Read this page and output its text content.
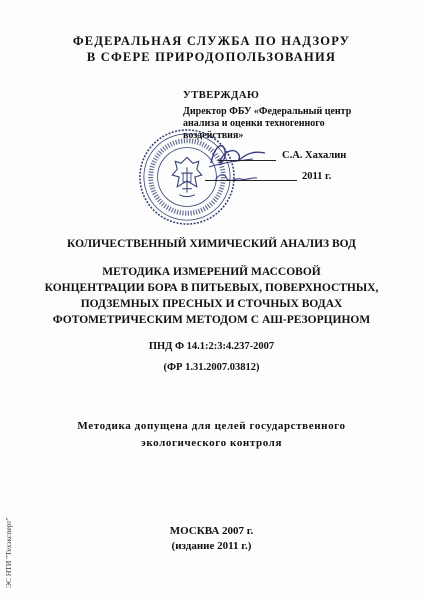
ФЕДЕРАЛЬНАЯ СЛУЖБА ПО НАДЗОРУ
В СФЕРЕ ПРИРОДОПОЛЬЗОВАНИЯ
УТВЕРЖДАЮ
Директор ФБУ «Федеральный центр
анализа и оценки техногенного
воздействия»
С.А. Хахалин
2011 г.
КОЛИЧЕСТВЕННЫЙ ХИМИЧЕСКИЙ АНАЛИЗ ВОД
МЕТОДИКА ИЗМЕРЕНИЙ МАССОВОЙ
КОНЦЕНТРАЦИИ БОРА В ПИТЬЕВЫХ, ПОВЕРХНОСТНЫХ,
ПОДЗЕМНЫХ ПРЕСНЫХ И СТОЧНЫХ ВОДАХ
ФОТОМЕТРИЧЕСКИМ МЕТОДОМ С АШ-РЕЗОРЦИНОМ
ПНД Ф 14.1:2:3:4.237-2007
(ФР 1.31.2007.03812)
Методика допущена для целей государственного
экологического контроля
МОСКВА 2007 г.
(издание 2011 г.)
ЭС НТИ "Техэксперт"
